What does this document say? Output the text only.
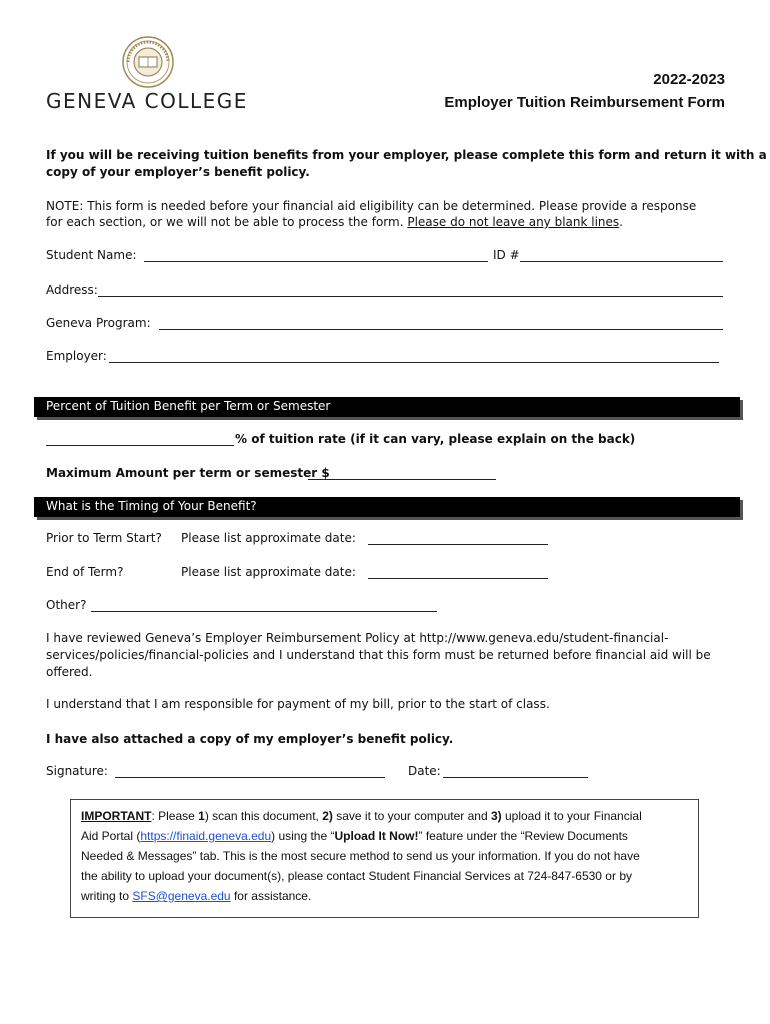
GENEVA COLLEGE
2022-2023
Employer Tuition Reimbursement Form
If you will be receiving tuition benefits from your employer, please complete this form and return it with a
copy of your employer’s benefit policy.
NOTE: This form is needed before your financial aid eligibility can be determined. Please provide a response
for each section, or we will not be able to process the form. Please do not leave any blank lines.
Student Name:	ID #
Address:
Geneva Program:
Employer:
Percent of Tuition Benefit per Term or Semester
% of tuition rate (if it can vary, please explain on the back)
Maximum Amount per term or semester $
What is the Timing of Your Benefit?
Prior to Term Start? Please list approximate date:
End of Term?	Please list approximate date:
Other?
I have reviewed Geneva’s Employer Reimbursement Policy at http://www.geneva.edu/student-financial-
services/policies/financial-policies and I understand that this form must be returned before financial aid will be
offered.
I understand that I am responsible for payment of my bill, prior to the start of class.
I have also attached a copy of my employer’s benefit policy.
Signature:	Date:
IMPORTANT: Please 1) scan this document, 2) save it to your computer and 3) upload it to your Financial
Aid Portal (https://finaid.geneva.edu) using the “Upload It Now!” feature under the “Review Documents
Needed & Messages” tab. This is the most secure method to send us your information. If you do not have
the ability to upload your document(s), please contact Student Financial Services at 724-847-6530 or by
writing to SFS@geneva.edu for assistance.
